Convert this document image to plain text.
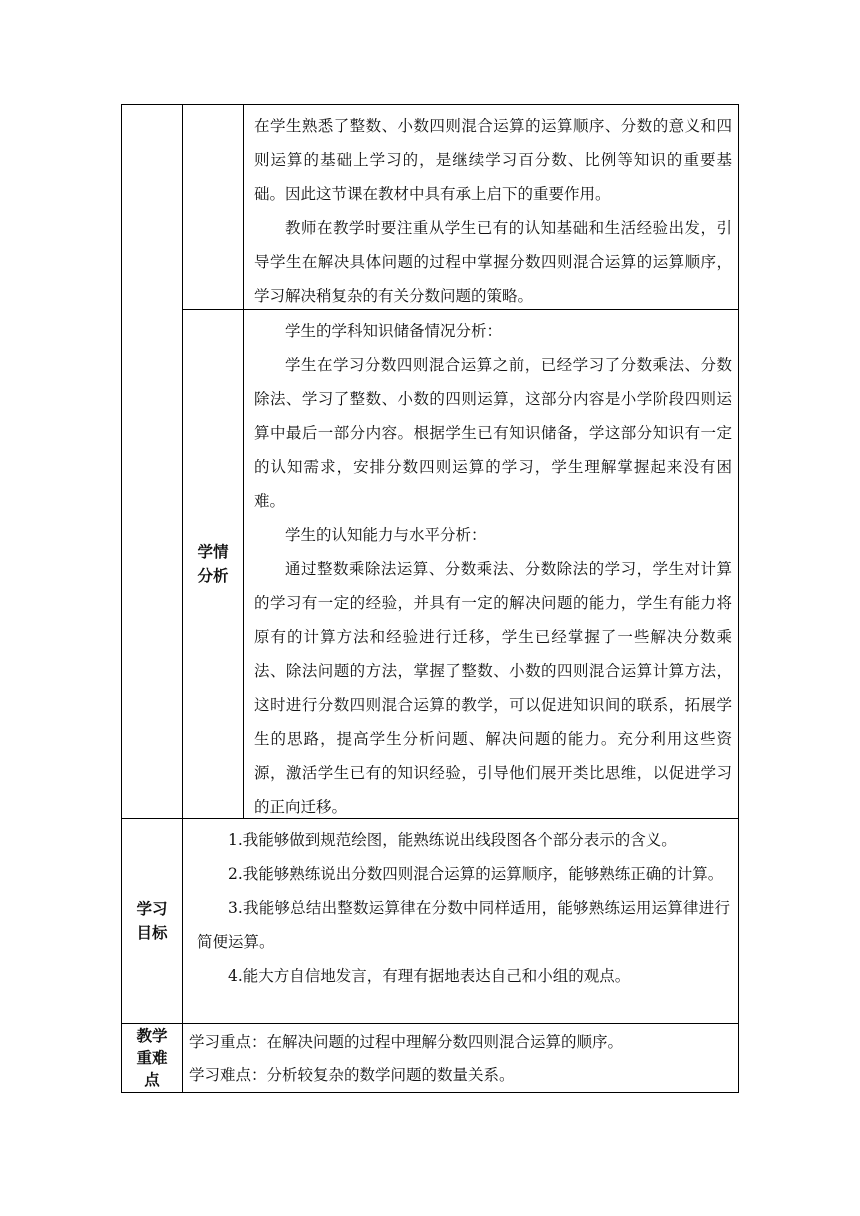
		在学生熟悉了整数、小数四则混合运算的运算顺序、分数的意义和四则运算的基础上学习的，是继续学习百分数、比例等知识的重要基础。因此这节课在教材中具有承上启下的重要作用。

教师在教学时要注重从学生已有的认知基础和生活经验出发，引导学生在解决具体问题的过程中掌握分数四则混合运算的运算顺序，学习解决稍复杂的有关分数问题的策略。

	学情分析	学生的学科知识储备情况分析：

学生在学习分数四则混合运算之前，已经学习了分数乘法、分数除法、学习了整数、小数的四则运算，这部分内容是小学阶段四则运算中最后一部分内容。根据学生已有知识储备，学这部分知识有一定的认知需求，安排分数四则运算的学习，学生理解掌握起来没有困难。

学生的认知能力与水平分析：

通过整数乘除法运算、分数乘法、分数除法的学习，学生对计算的学习有一定的经验，并具有一定的解决问题的能力，学生有能力将原有的计算方法和经验进行迁移，学生已经掌握了一些解决分数乘法、除法问题的方法，掌握了整数、小数的四则混合运算计算方法，这时进行分数四则混合运算的教学，可以促进知识间的联系，拓展学生的思路，提高学生分析问题、解决问题的能力。充分利用这些资源，激活学生已有的知识经验，引导他们展开类比思维，以促进学习的正向迁移。

学习目标	1.我能够做到规范绘图，能熟练说出线段图各个部分表示的含义。

2.我能够熟练说出分数四则混合运算的运算顺序，能够熟练正确的计算。

3.我能够总结出整数运算律在分数中同样适用，能够熟练运用运算律进行简便运算。

4.能大方自信地发言，有理有据地表达自己和小组的观点。	

教学重难点	学习重点：在解决问题的过程中理解分数四则混合运算的顺序。

学习难点：分析较复杂的数学问题的数量关系。	
